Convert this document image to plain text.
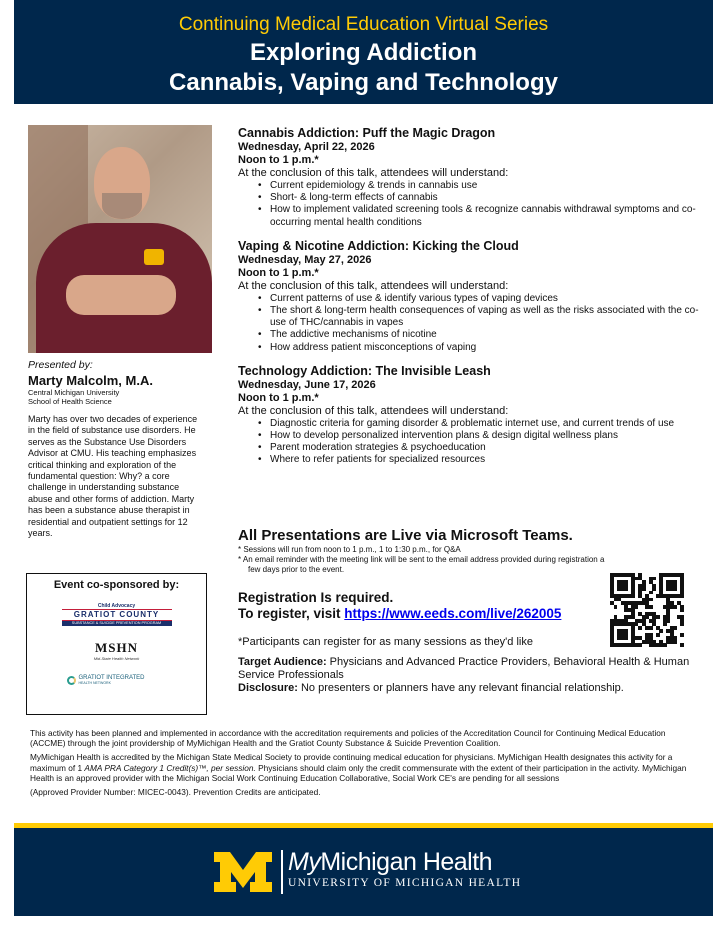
Continuing Medical Education Virtual Series
Exploring Addiction
Cannabis, Vaping and Technology
Presented by:
Marty Malcolm, M.A.
Central Michigan University
School of Health Science
Marty has over two decades of experience in the field of substance use disorders. He serves as the Substance Use Disorders Advisor at CMU. His teaching emphasizes critical thinking and exploration of the fundamental question: Why? a core challenge in understanding substance abuse and other forms of addiction. Marty has been a substance abuse therapist in residential and outpatient settings for 12 years.
Event co-sponsored by:
Child Advocacy
GRATIOT COUNTY
SUBSTANCE & SUICIDE PREVENTION PROGRAM
MSHN
Mid-State Health Network
GRATIOT INTEGRATED
HEALTH NETWORK
Cannabis Addiction: Puff the Magic Dragon
Wednesday, April 22, 2026
Noon to 1 p.m.*
At the conclusion of this talk, attendees will understand:
• Current epidemiology & trends in cannabis use
• Short- & long-term effects of cannabis
• How to implement validated screening tools & recognize cannabis withdrawal symptoms and co-occurring mental health conditions
Vaping & Nicotine Addiction: Kicking the Cloud
Wednesday, May 27, 2026
Noon to 1 p.m.*
At the conclusion of this talk, attendees will understand:
• Current patterns of use & identify various types of vaping devices
• The short & long-term health consequences of vaping as well as the risks associated with the co-use of THC/cannabis in vapes
• The addictive mechanisms of nicotine
• How address patient misconceptions of vaping
Technology Addiction: The Invisible Leash
Wednesday, June 17, 2026
Noon to 1 p.m.*
At the conclusion of this talk, attendees will understand:
• Diagnostic criteria for gaming disorder & problematic internet use, and current trends of use
• How to develop personalized intervention plans & design digital wellness plans
• Parent moderation strategies & psychoeducation
• Where to refer patients for specialized resources
All Presentations are Live via Microsoft Teams.
* Sessions will run from noon to 1 p.m., 1 to 1:30 p.m., for Q&A
* An email reminder with the meeting link will be sent to the email address provided during registration a
few days prior to the event.
Registration Is required.
To register, visit https://www.eeds.com/live/262005
*Participants can register for as many sessions as they'd like
Target Audience: Physicians and Advanced Practice Providers, Behavioral Health & Human Service Professionals
Disclosure: No presenters or planners have any relevant financial relationship.

This activity has been planned and implemented in accordance with the accreditation requirements and policies of the Accreditation Council for Continuing Medical Education (ACCME) through the joint providership of MyMichigan Health and the Gratiot County Substance & Suicide Prevention Coalition.

MyMichigan Health is accredited by the Michigan State Medical Society to provide continuing medical education for physicians. MyMichigan Health designates this activity for a maximum of 1 AMA PRA Category 1 Credit(s)™, per session. Physicians should claim only the credit commensurate with the extent of their participation in the activity. MyMichigan Health is an approved provider with the Michigan Social Work Continuing Education Collaborative, Social Work CE's are pending for all sessions

(Approved Provider Number: MICEC-0043). Prevention Credits are anticipated.

MyMichigan Health
UNIVERSITY OF MICHIGAN HEALTH
